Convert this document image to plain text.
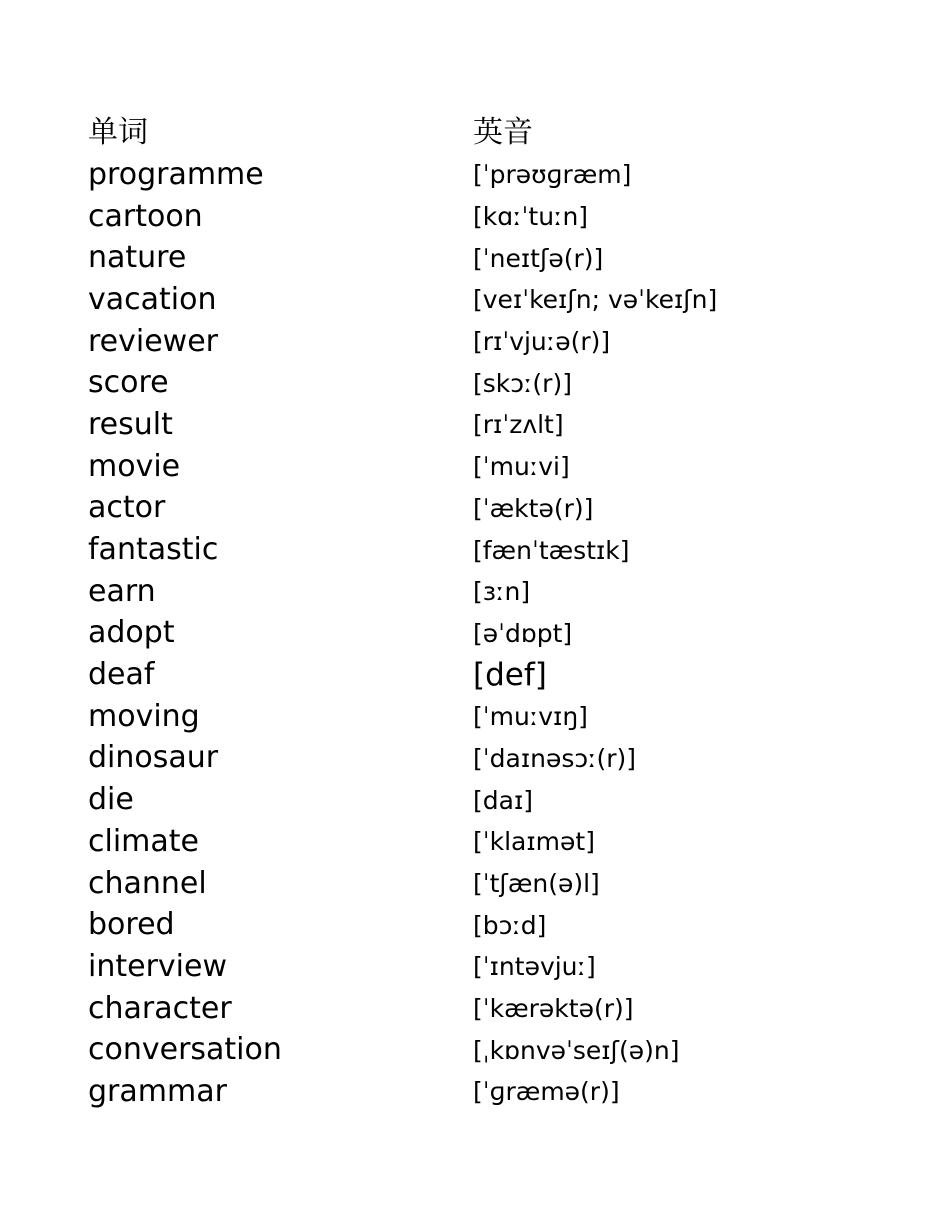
单词	英音
programme	[ˈprəʊɡræm]
cartoon	[kɑːˈtuːn]
nature	[ˈneɪtʃə(r)]
vacation	[veɪˈkeɪʃn; vəˈkeɪʃn]
reviewer	[rɪˈvjuːə(r)]
score	[skɔː(r)]
result	[rɪˈzʌlt]
movie	[ˈmuːvi]
actor	[ˈæktə(r)]
fantastic	[fænˈtæstɪk]
earn	[ɜːn]
adopt	[əˈdɒpt]
deaf	[def]
moving	[ˈmuːvɪŋ]
dinosaur	[ˈdaɪnəsɔː(r)]
die	[daɪ]
climate	[ˈklaɪmət]
channel	[ˈtʃæn(ə)l]
bored	[bɔːd]
interview	[ˈɪntəvjuː]
character	[ˈkærəktə(r)]
conversation	[ˌkɒnvəˈseɪʃ(ə)n]
grammar	[ˈɡræmə(r)]
